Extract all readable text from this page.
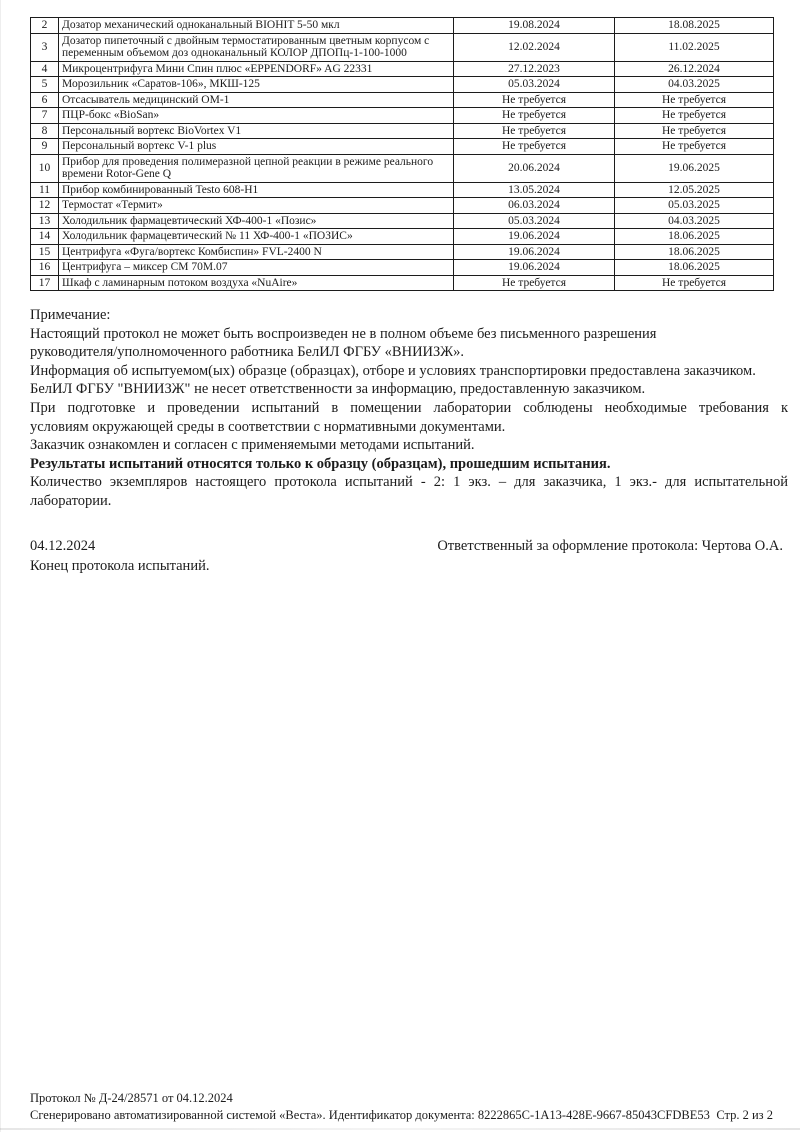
2	Дозатор механический одноканальный BIOHIT 5-50 мкл	19.08.2024	18.08.2025
3	Дозатор пипеточный с двойным термостатированным цветным корпусом с переменным объемом доз одноканальный КОЛОР ДПОПц-1-100-1000	12.02.2024	11.02.2025
4	Микроцентрифуга Мини Спин плюс «EPPENDORF» AG 22331	27.12.2023	26.12.2024
5	Морозильник «Саратов-106», МКШ-125	05.03.2024	04.03.2025
6	Отсасыватель медицинский ОМ-1	Не требуется	Не требуется
7	ПЦР-бокс «BioSan»	Не требуется	Не требуется
8	Персональный вортекс BioVortex V1	Не требуется	Не требуется
9	Персональный вортекс V-1 plus	Не требуется	Не требуется
10	Прибор для проведения полимеразной цепной реакции в режиме реального времени Rotor-Gene Q	20.06.2024	19.06.2025
11	Прибор комбинированный Testo 608-H1	13.05.2024	12.05.2025
12	Термостат «Термит»	06.03.2024	05.03.2025
13	Холодильник фармацевтический ХФ-400-1 «Позис»	05.03.2024	04.03.2025
14	Холодильник фармацевтический № 11 ХФ-400-1 «ПОЗИС»	19.06.2024	18.06.2025
15	Центрифуга «Фуга/вортекс Комбиспин» FVL-2400 N	19.06.2024	18.06.2025
16	Центрифуга – миксер СМ 70М.07	19.06.2024	18.06.2025
17	Шкаф с ламинарным потоком воздуха «NuAire»	Не требуется	Не требуется
Примечание:
Настоящий протокол не может быть воспроизведен не в полном объеме без письменного разрешения
руководителя/уполномоченного работника БелИЛ ФГБУ «ВНИИЗЖ».
Информация об испытуемом(ых) образце (образцах), отборе и условиях транспортировки предоставлена заказчиком.
БелИЛ ФГБУ "ВНИИЗЖ" не несет ответственности за информацию, предоставленную заказчиком.
При подготовке и проведении испытаний в помещении лаборатории соблюдены необходимые требования к
условиям окружающей среды в соответствии с нормативными документами.
Заказчик ознакомлен и согласен с применяемыми методами испытаний.
Результаты испытаний относятся только к образцу (образцам), прошедшим испытания.
Количество экземпляров настоящего протокола испытаний - 2: 1 экз. – для заказчика, 1 экз.- для испытательной
лаборатории.
04.12.2024	Ответственный за оформление протокола: Чертова О.А.
Конец протокола испытаний.
Протокол № Д-24/28571 от 04.12.2024
Сгенерировано автоматизированной системой «Веста». Идентификатор документа: 8222865C-1A13-428E-9667-85043CFDBE53 Стр. 2 из 2
